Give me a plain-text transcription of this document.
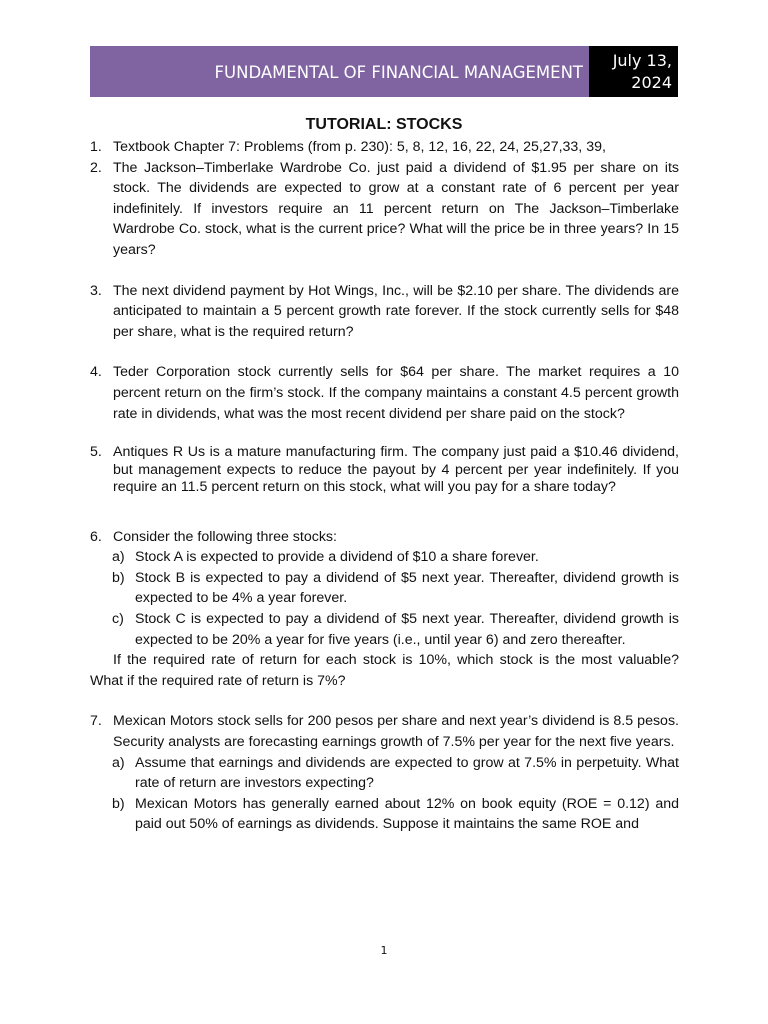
FUNDAMENTAL OF FINANCIAL MANAGEMENT
July 13,
2024
TUTORIAL: STOCKS
1. Textbook Chapter 7: Problems (from p. 230): 5, 8, 12, 16, 22, 24, 25,27,33, 39,
2. The Jackson–Timberlake Wardrobe Co. just paid a dividend of $1.95 per share on its stock. The dividends are expected to grow at a constant rate of 6 percent per year indefinitely. If investors require an 11 percent return on The Jackson–Timberlake Wardrobe Co. stock, what is the current price? What will the price be in three years? In 15 years?
3. The next dividend payment by Hot Wings, Inc., will be $2.10 per share. The dividends are anticipated to maintain a 5 percent growth rate forever. If the stock currently sells for $48 per share, what is the required return?
4. Teder Corporation stock currently sells for $64 per share. The market requires a 10 percent return on the firm’s stock. If the company maintains a constant 4.5 percent growth rate in dividends, what was the most recent dividend per share paid on the stock?
5. Antiques R Us is a mature manufacturing firm. The company just paid a $10.46 dividend, but management expects to reduce the payout by 4 percent per year indefinitely. If you require an 11.5 percent return on this stock, what will you pay for a share today?
6. Consider the following three stocks:
a) Stock A is expected to provide a dividend of $10 a share forever.
b) Stock B is expected to pay a dividend of $5 next year. Thereafter, dividend growth is expected to be 4% a year forever.
c) Stock C is expected to pay a dividend of $5 next year. Thereafter, dividend growth is expected to be 20% a year for five years (i.e., until year 6) and zero thereafter.
If the required rate of return for each stock is 10%, which stock is the most valuable? What if the required rate of return is 7%?
7. Mexican Motors stock sells for 200 pesos per share and next year’s dividend is 8.5 pesos. Security analysts are forecasting earnings growth of 7.5% per year for the next five years.
a) Assume that earnings and dividends are expected to grow at 7.5% in perpetuity. What rate of return are investors expecting?
b) Mexican Motors has generally earned about 12% on book equity (ROE = 0.12) and paid out 50% of earnings as dividends. Suppose it maintains the same ROE and
1
